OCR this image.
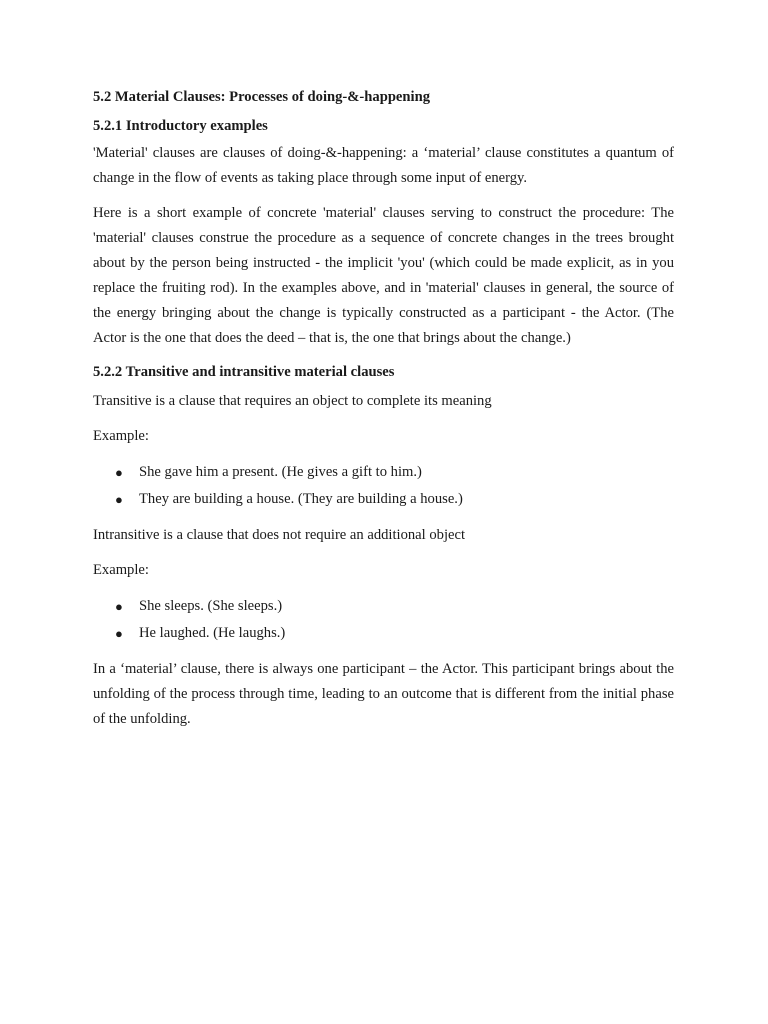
5.2 Material Clauses: Processes of doing-&-happening
5.2.1 Introductory examples

'Material' clauses are clauses of doing-&-happening: a ‘material’ clause constitutes a quantum of change in the flow of events as taking place through some input of energy.

Here is a short example of concrete 'material' clauses serving to construct the procedure: The 'material' clauses construe the procedure as a sequence of concrete changes in the trees brought about by the person being instructed - the implicit 'you' (which could be made explicit, as in you replace the fruiting rod). In the examples above, and in 'material' clauses in general, the source of the energy bringing about the change is typically constructed as a participant - the Actor. (The Actor is the one that does the deed – that is, the one that brings about the change.)

5.2.2 Transitive and intransitive material clauses

Transitive is a clause that requires an object to complete its meaning

Example:

● She gave him a present. (He gives a gift to him.)
● They are building a house. (They are building a house.)

Intransitive is a clause that does not require an additional object

Example:

● She sleeps. (She sleeps.)
● He laughed. (He laughs.)

In a ‘material’ clause, there is always one participant – the Actor. This participant brings about the unfolding of the process through time, leading to an outcome that is different from the initial phase of the unfolding.
